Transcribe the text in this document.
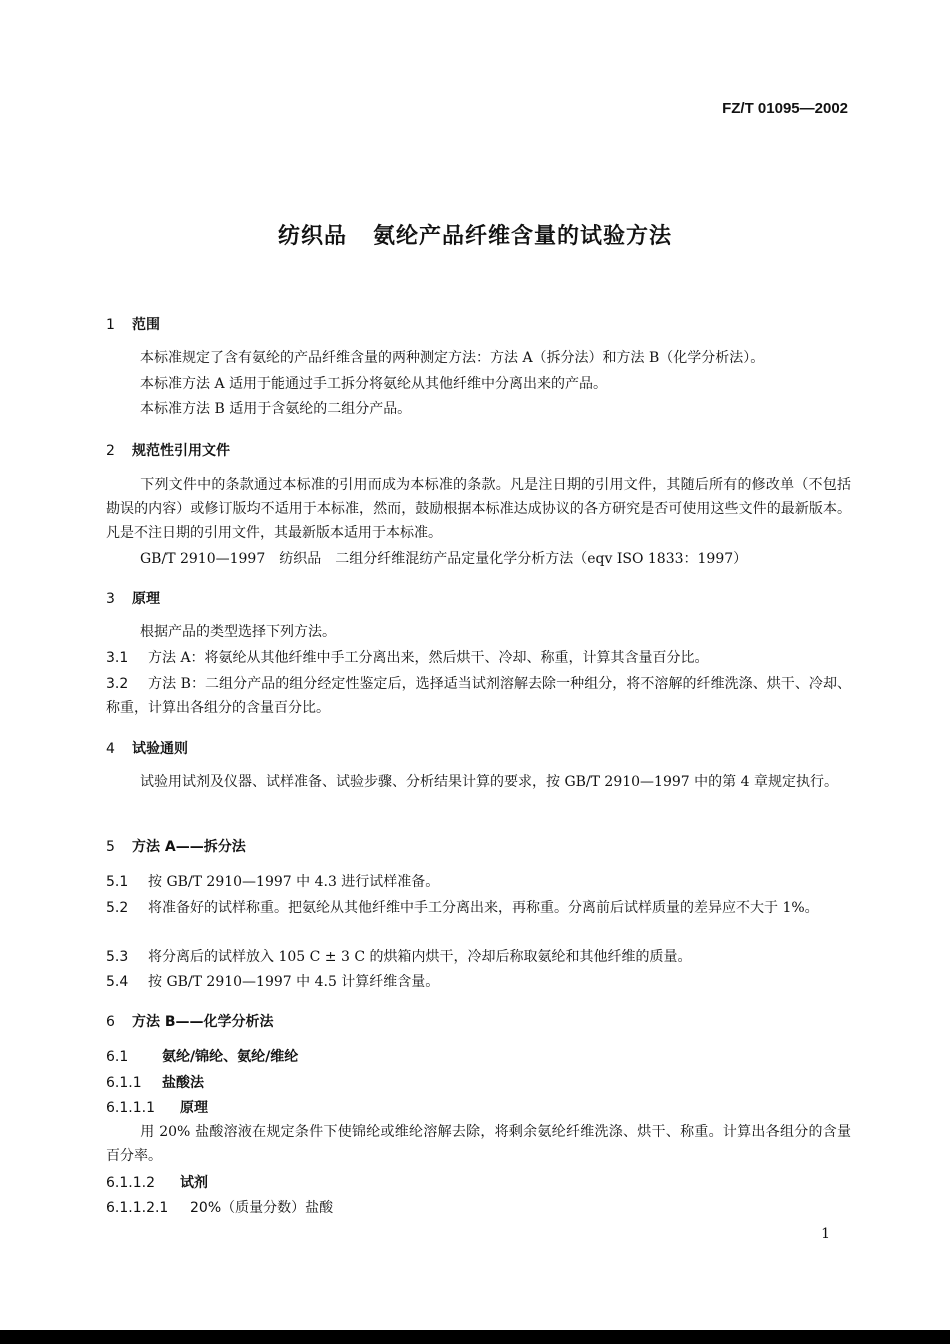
FZ/T 01095—2002
纺织品 氨纶产品纤维含量的试验方法
1 范围
本标准规定了含有氨纶的产品纤维含量的两种测定方法：方法 A（拆分法）和方法 B（化学分析法）。
本标准方法 A 适用于能通过手工拆分将氨纶从其他纤维中分离出来的产品。
本标准方法 B 适用于含氨纶的二组分产品。
2 规范性引用文件
下列文件中的条款通过本标准的引用而成为本标准的条款。凡是注日期的引用文件，其随后所有的修改单（不包括勘误的内容）或修订版均不适用于本标准，然而，鼓励根据本标准达成协议的各方研究是否可使用这些文件的最新版本。凡是不注日期的引用文件，其最新版本适用于本标准。
GB/T 2910—1997　纺织品　二组分纤维混纺产品定量化学分析方法（eqv ISO 1833：1997）
3 原理
根据产品的类型选择下列方法。
3.1 方法 A：将氨纶从其他纤维中手工分离出来，然后烘干、冷却、称重，计算其含量百分比。
3.2 方法 B：二组分产品的组分经定性鉴定后，选择适当试剂溶解去除一种组分，将不溶解的纤维洗涤、烘干、冷却、称重，计算出各组分的含量百分比。
4 试验通则
试验用试剂及仪器、试样准备、试验步骤、分析结果计算的要求，按 GB/T 2910—1997 中的第 4 章规定执行。
5 方法 A——拆分法
5.1 按 GB/T 2910—1997 中 4.3 进行试样准备。
5.2 将准备好的试样称重。把氨纶从其他纤维中手工分离出来，再称重。分离前后试样质量的差异应不大于 1%。
5.3 将分离后的试样放入 105 C ± 3 C 的烘箱内烘干，冷却后称取氨纶和其他纤维的质量。
5.4 按 GB/T 2910—1997 中 4.5 计算纤维含量。
6 方法 B——化学分析法
6.1 氨纶/锦纶、氨纶/维纶
6.1.1 盐酸法
6.1.1.1 原理
用 20% 盐酸溶液在规定条件下使锦纶或维纶溶解去除，将剩余氨纶纤维洗涤、烘干、称重。计算出各组分的含量百分率。
6.1.1.2 试剂
6.1.1.2.1 20%（质量分数）盐酸
1
